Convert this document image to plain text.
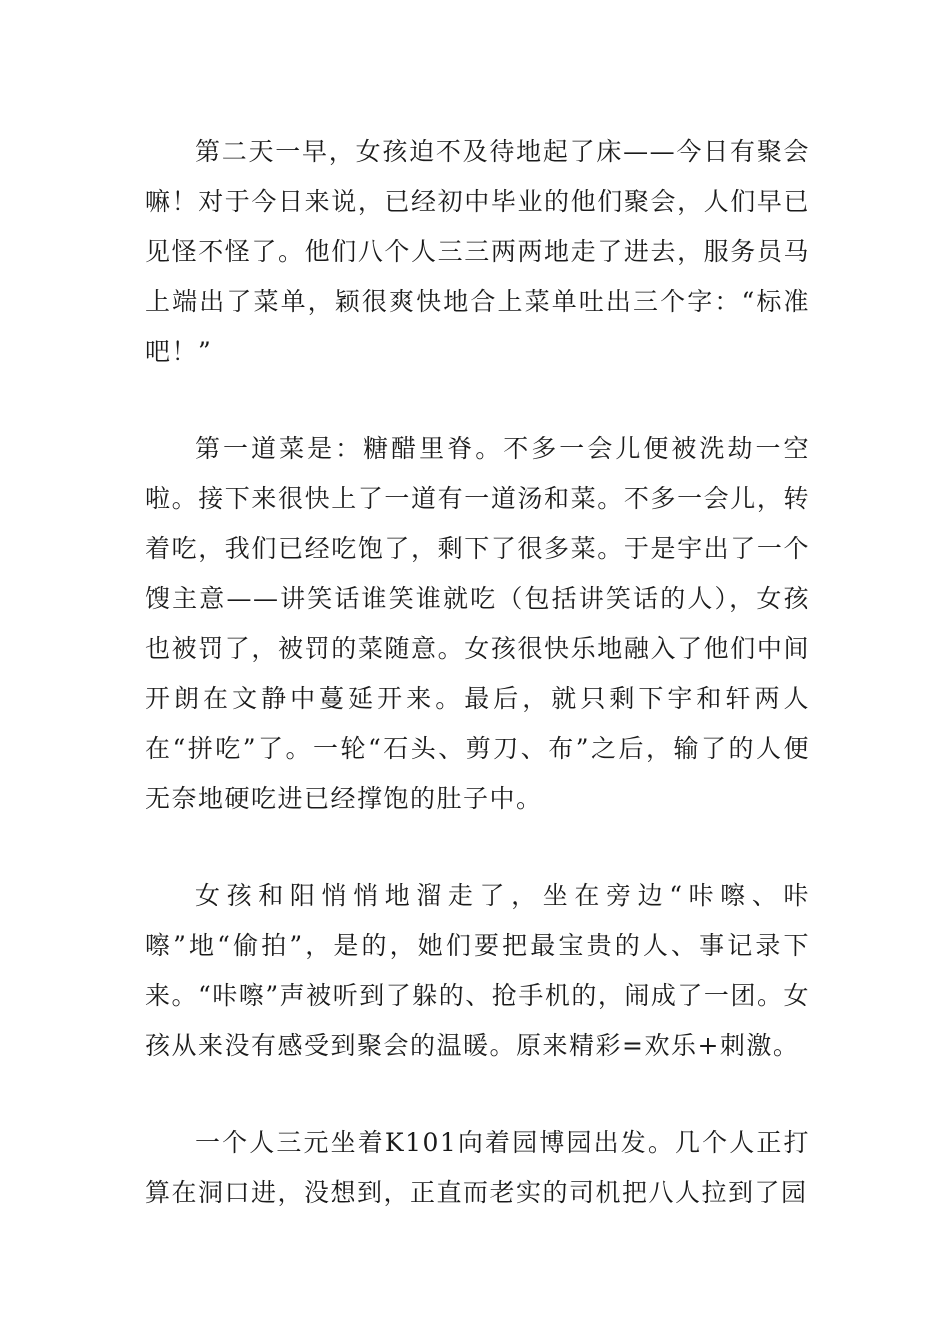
第二天一早，女孩迫不及待地起了床——今日有聚会嘛！对于今日来说，已经初中毕业的他们聚会，人们早已见怪不怪了。他们八个人三三两两地走了进去，服务员马上端出了菜单，颖很爽快地合上菜单吐出三个字：“标准吧！”

第一道菜是：糖醋里脊。不多一会儿便被洗劫一空啦。接下来很快上了一道有一道汤和菜。不多一会儿，转着吃，我们已经吃饱了，剩下了很多菜。于是宇出了一个馊主意——讲笑话谁笑谁就吃（包括讲笑话的人），女孩也被罚了，被罚的菜随意。女孩很快乐地融入了他们中间开朗在文静中蔓延开来。最后，就只剩下宇和轩两人在“拼吃”了。一轮“石头、剪刀、布”之后，输了的人便无奈地硬吃进已经撑饱的肚子中。

女孩和阳悄悄地溜走了，坐在旁边“咔嚓、咔嚓”地“偷拍”，是的，她们要把最宝贵的人、事记录下来。“咔嚓”声被听到了躲的、抢手机的，闹成了一团。女孩从来没有感受到聚会的温暖。原来精彩=欢乐+刺激。

一个人三元坐着K101向着园博园出发。几个人正打算在洞口进，没想到，正直而老实的司机把八人拉到了园
